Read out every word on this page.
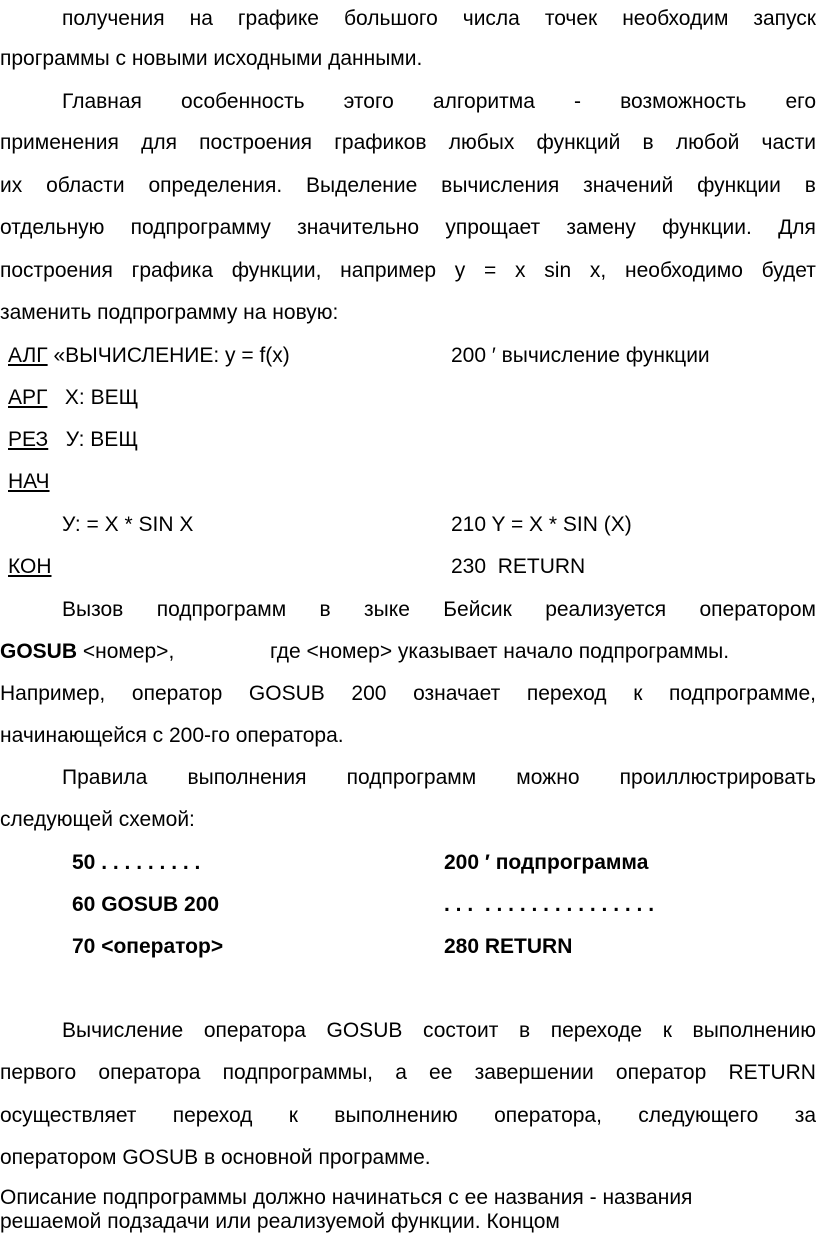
получения на графике большого числа точек необходим запуск
программы с новыми исходными данными.
Главная особенность этого алгоритма - возможность его
применения для построения графиков любых функций в любой части
их области определения. Выделение вычисления значений функции в
отдельную подпрограмму значительно упрощает замену функции. Для
построения графика функции, например y = x sin x, необходимо будет
заменить подпрограмму на новую:
АЛГ «ВЫЧИСЛЕНИЕ: y = f(x)
АРГ   Х: ВЕЩ
РЕЗ   У: ВЕЩ
НАЧ
У: = Х * SIN Х
КОН
200 ′ вычисление функции
210 Y = X * SIN (X)
230  RETURN
Вызов подпрограмм в зыке Бейсик реализуется оператором
GOSUB <номер>,	где <номер> указывает начало подпрограммы.
Например, оператор GOSUB 200 означает переход к подпрограмме,
начинающейся с 200-го оператора.
Правила выполнения подпрограмм можно проиллюстрировать
следующей схемой:
50 . . . . . . . . .
60 GOSUB 200
70 <оператор>
200 ′ подпрограмма
. . .  . . . . . . . . . . . . . . .
280 RETURN
Вычисление оператора GOSUB состоит в переходе к выполнению
первого оператора подпрограммы, а ее завершении оператор RETURN
осуществляет переход к выполнению оператора, следующего за
оператором GOSUB в основной программе.
Описание подпрограммы должно начинаться с ее названия - названия
решаемой подзадачи или реализуемой функции. Концом
